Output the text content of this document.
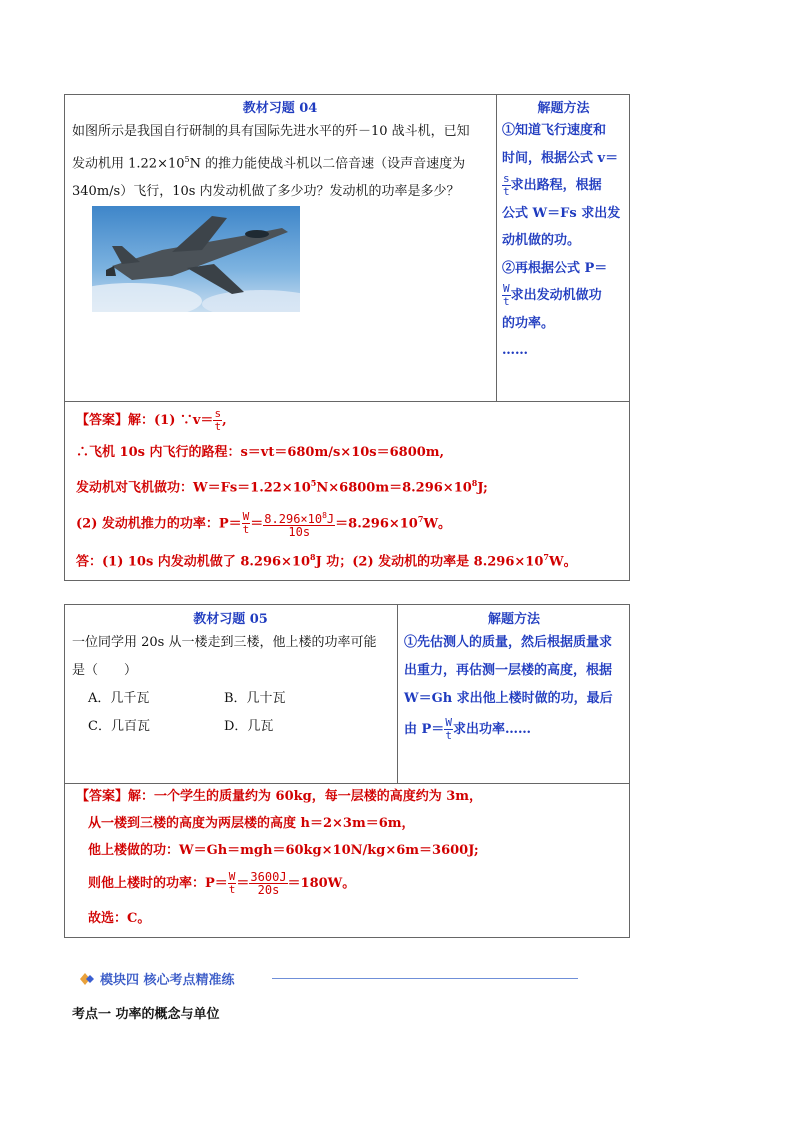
教材习题 04	解题方法
如图所示是我国自行研制的具有国际先进水平的歼－10 战斗机，已知
发动机用 $1.22\times 10^5N$ 的推力能使战斗机以二倍音速（设声音速度为
340m/s）飞行，10s 内发动机做了多少功？发动机的功率是多少？
①知道飞行速度和
时间，根据公式 v＝
$\frac{s}{t}$ 求出路程，根据
公式 W＝Fs 求出发
动机做的功。
②再根据公式 P＝
$\frac{W}{t}$ 求出发动机做功
的功率。
……
【答案】解：(1) ∵v＝ $\frac{s}{t}$ ,
∴飞机 10s 内飞行的路程：s＝vt＝680m/s×10s＝6800m,
发动机对飞机做功：$W=Fs=1.22\times 10^5N\times 6800m=8.296\times 10^8J$;
(2) 发动机推力的功率：$P= \frac{W}{t} = \frac{8.296\times 10^8J}{10s} =8.296\times 10^7W$。
答：(1) 10s 内发动机做了 $8.296\times 10^8J$ 功；(2) 发动机的功率是 $8.296\times 10^7W$。
教材习题 05	解题方法
一位同学用 20s 从一楼走到三楼，他上楼的功率可能
是（　　）
A．几千瓦	B．几十瓦
C．几百瓦	D．几瓦
①先估测人的质量，然后根据质量求
出重力，再估测一层楼的高度，根据
W＝Gh 求出他上楼时做的功，最后
由 $P= \frac{W}{t}$ 求出功率……
【答案】解：一个学生的质量约为 60kg，每一层楼的高度约为 3m，
从一楼到三楼的高度为两层楼的高度 h＝2×3m＝6m，
他上楼做的功：W＝Gh＝mgh＝60kg×10N/kg×6m＝3600J;
则他上楼时的功率：$P= \frac{W}{t} = \frac{3600J}{20s} =180W$。
故选：C。
模块四 核心考点精准练
考点一 功率的概念与单位
